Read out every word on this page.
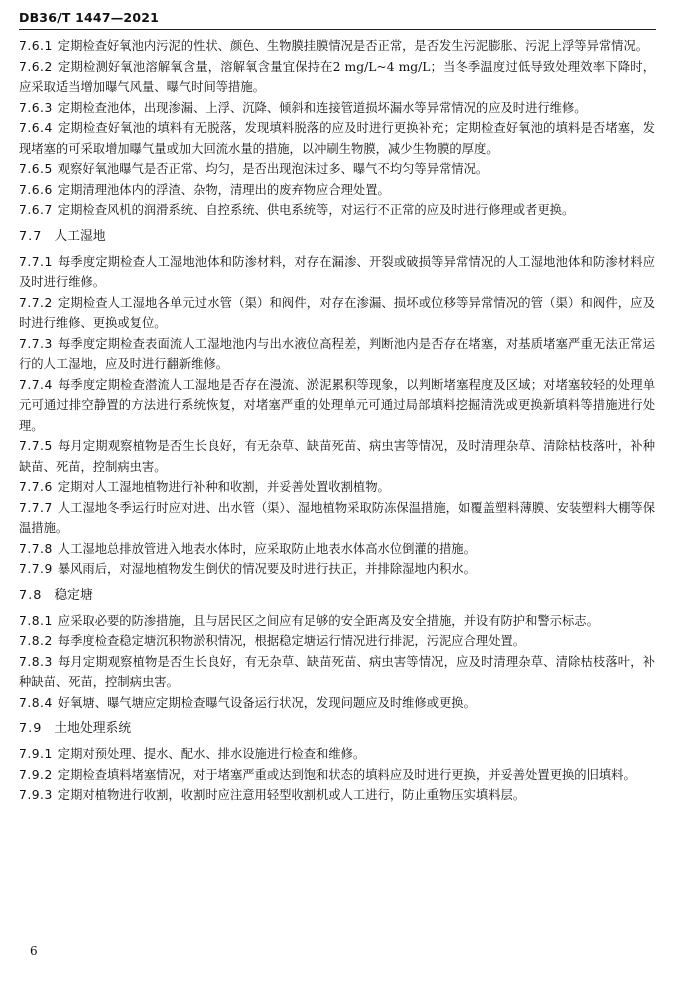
DB36/T 1447—2021
7.6.1 定期检查好氧池内污泥的性状、颜色、生物膜挂膜情况是否正常，是否发生污泥膨胀、污泥上浮等异常情况。
7.6.2 定期检测好氧池溶解氧含量，溶解氧含量宜保持在2 mg/L~4 mg/L；当冬季温度过低导致处理效率下降时，应采取适当增加曝气风量、曝气时间等措施。
7.6.3 定期检查池体，出现渗漏、上浮、沉降、倾斜和连接管道损坏漏水等异常情况的应及时进行维修。
7.6.4 定期检查好氧池的填料有无脱落，发现填料脱落的应及时进行更换补充；定期检查好氧池的填料是否堵塞，发现堵塞的可采取增加曝气量或加大回流水量的措施，以冲刷生物膜，减少生物膜的厚度。
7.6.5 观察好氧池曝气是否正常、均匀，是否出现泡沫过多、曝气不均匀等异常情况。
7.6.6 定期清理池体内的浮渣、杂物，清理出的废弃物应合理处置。
7.6.7 定期检查风机的润滑系统、自控系统、供电系统等，对运行不正常的应及时进行修理或者更换。
7.7 人工湿地
7.7.1 每季度定期检查人工湿地池体和防渗材料，对存在漏渗、开裂或破损等异常情况的人工湿地池体和防渗材料应及时进行维修。
7.7.2 定期检查人工湿地各单元过水管（渠）和阀件，对存在渗漏、损坏或位移等异常情况的管（渠）和阀件，应及时进行维修、更换或复位。
7.7.3 每季度定期检查表面流人工湿地池内与出水液位高程差，判断池内是否存在堵塞，对基质堵塞严重无法正常运行的人工湿地，应及时进行翻新维修。
7.7.4 每季度定期检查潜流人工湿地是否存在漫流、淤泥累积等现象，以判断堵塞程度及区域；对堵塞较轻的处理单元可通过排空静置的方法进行系统恢复，对堵塞严重的处理单元可通过局部填料挖掘清洗或更换新填料等措施进行处理。
7.7.5 每月定期观察植物是否生长良好，有无杂草、缺苗死苗、病虫害等情况，及时清理杂草、清除枯枝落叶，补种缺苗、死苗，控制病虫害。
7.7.6 定期对人工湿地植物进行补种和收割，并妥善处置收割植物。
7.7.7 人工湿地冬季运行时应对进、出水管（渠）、湿地植物采取防冻保温措施，如覆盖塑料薄膜、安装塑料大棚等保温措施。
7.7.8 人工湿地总排放管进入地表水体时，应采取防止地表水体高水位倒灌的措施。
7.7.9 暴风雨后，对湿地植物发生倒伏的情况要及时进行扶正，并排除湿地内积水。
7.8 稳定塘
7.8.1 应采取必要的防渗措施，且与居民区之间应有足够的安全距离及安全措施，并设有防护和警示标志。
7.8.2 每季度检查稳定塘沉积物淤积情况，根据稳定塘运行情况进行排泥，污泥应合理处置。
7.8.3 每月定期观察植物是否生长良好，有无杂草、缺苗死苗、病虫害等情况，应及时清理杂草、清除枯枝落叶，补种缺苗、死苗，控制病虫害。
7.8.4 好氧塘、曝气塘应定期检查曝气设备运行状况，发现问题应及时维修或更换。
7.9 土地处理系统
7.9.1 定期对预处理、提水、配水、排水设施进行检查和维修。
7.9.2 定期检查填料堵塞情况，对于堵塞严重或达到饱和状态的填料应及时进行更换，并妥善处置更换的旧填料。
7.9.3 定期对植物进行收割，收割时应注意用轻型收割机或人工进行，防止重物压实填料层。
6
